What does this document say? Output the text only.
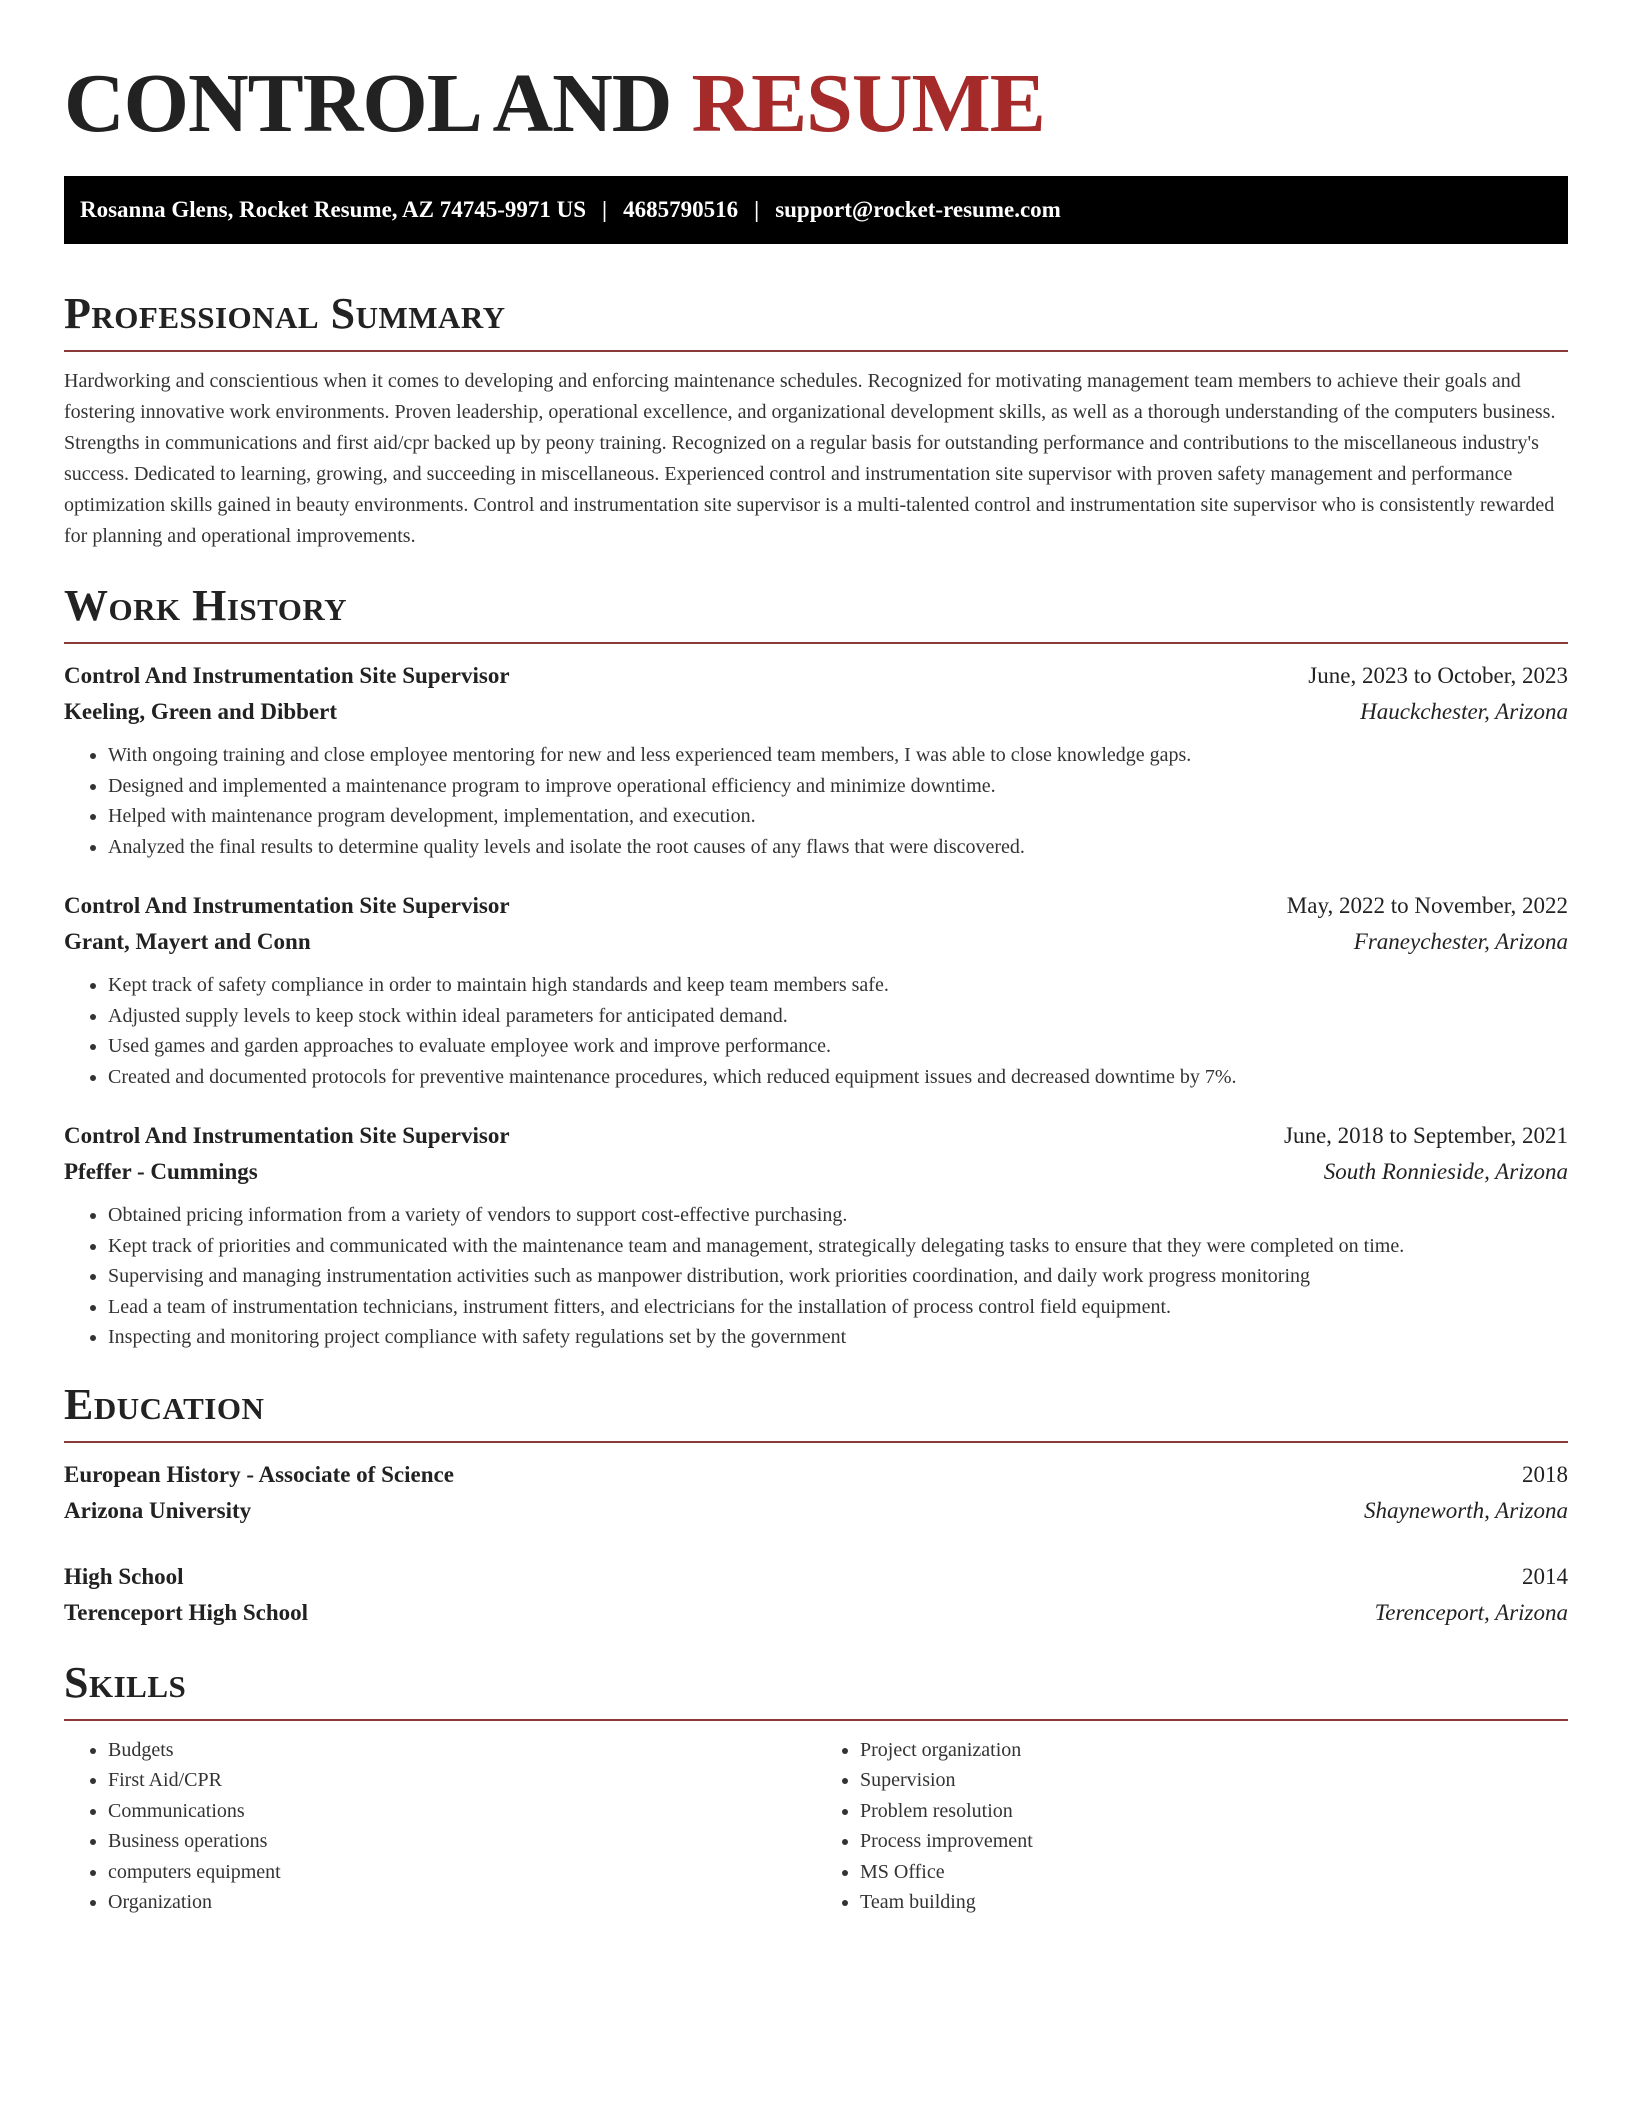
CONTROL AND RESUME
Rosanna Glens, Rocket Resume, AZ 74745-9971 US | 4685790516 | support@rocket-resume.com
Professional Summary

Hardworking and conscientious when it comes to developing and enforcing maintenance schedules. Recognized for motivating management team members to achieve their goals and fostering innovative work environments. Proven leadership, operational excellence, and organizational development skills, as well as a thorough understanding of the computers business. Strengths in communications and first aid/cpr backed up by peony training. Recognized on a regular basis for outstanding performance and contributions to the miscellaneous industry's success. Dedicated to learning, growing, and succeeding in miscellaneous. Experienced control and instrumentation site supervisor with proven safety management and performance optimization skills gained in beauty environments. Control and instrumentation site supervisor is a multi-talented control and instrumentation site supervisor who is consistently rewarded for planning and operational improvements.

Work History
Control And Instrumentation Site Supervisor	June, 2023 to October, 2023
Keeling, Green and Dibbert	Hauckchester, Arizona
• With ongoing training and close employee mentoring for new and less experienced team members, I was able to close knowledge gaps.
• Designed and implemented a maintenance program to improve operational efficiency and minimize downtime.
• Helped with maintenance program development, implementation, and execution.
• Analyzed the final results to determine quality levels and isolate the root causes of any flaws that were discovered.
Control And Instrumentation Site Supervisor	May, 2022 to November, 2022
Grant, Mayert and Conn	Franeychester, Arizona
• Kept track of safety compliance in order to maintain high standards and keep team members safe.
• Adjusted supply levels to keep stock within ideal parameters for anticipated demand.
• Used games and garden approaches to evaluate employee work and improve performance.
• Created and documented protocols for preventive maintenance procedures, which reduced equipment issues and decreased downtime by 7%.
Control And Instrumentation Site Supervisor	June, 2018 to September, 2021
Pfeffer - Cummings	South Ronnieside, Arizona
• Obtained pricing information from a variety of vendors to support cost-effective purchasing.
• Kept track of priorities and communicated with the maintenance team and management, strategically delegating tasks to ensure that they were completed on time.
• Supervising and managing instrumentation activities such as manpower distribution, work priorities coordination, and daily work progress monitoring
• Lead a team of instrumentation technicians, instrument fitters, and electricians for the installation of process control field equipment.
• Inspecting and monitoring project compliance with safety regulations set by the government
Education
European History - Associate of Science	2018
Arizona University	Shayneworth, Arizona
High School	2014
Terenceport High School	Terenceport, Arizona
Skills
• Budgets
• First Aid/CPR
• Communications
• Business operations
• computers equipment
• Organization
• Project organization
• Supervision
• Problem resolution
• Process improvement
• MS Office
• Team building
